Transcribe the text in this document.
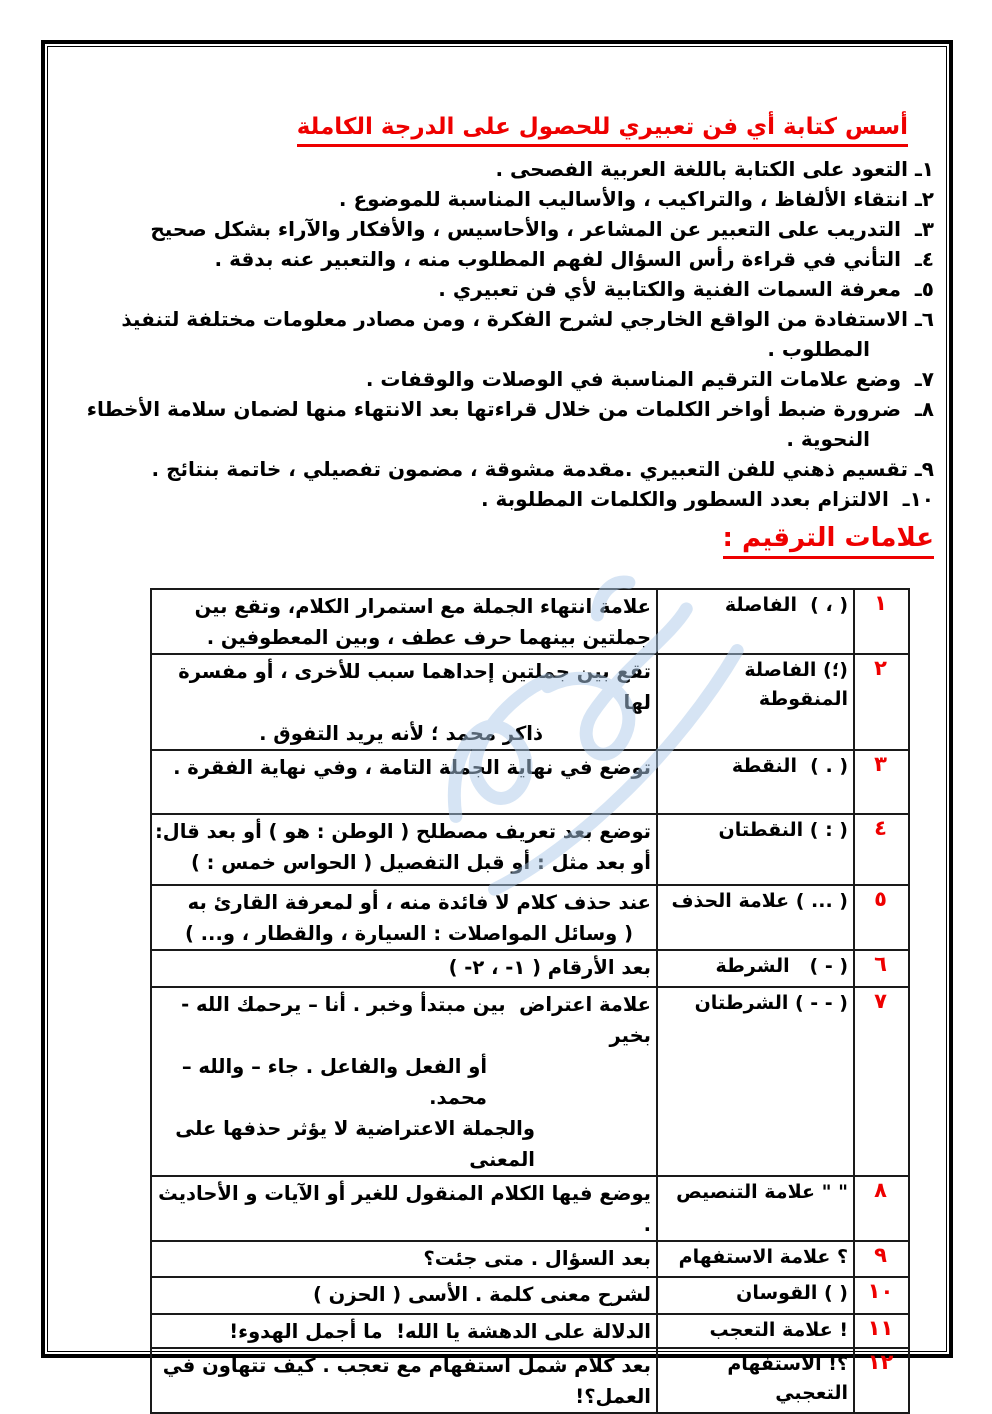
أسس كتابة أي فن تعبيري للحصول على الدرجة الكاملة
١ـ التعود على الكتابة باللغة العربية الفصحى .
٢ـ انتقاء الألفاظ ، والتراكيب ، والأساليب المناسبة للموضوع .
٣ـ  التدريب على التعبير عن المشاعر ، والأحاسيس ، والأفكار والآراء بشكل صحيح
٤ـ  التأني في قراءة رأس السؤال لفهم المطلوب منه ، والتعبير عنه بدقة .
٥ـ  معرفة السمات الفنية والكتابية لأي فن تعبيري .
٦ـ الاستفادة من الواقع الخارجي لشرح الفكرة ، ومن مصادر معلومات مختلفة لتنفيذ المطلوب .
٧ـ  وضع علامات الترقيم المناسبة في الوصلات والوقفات .
٨ـ  ضرورة ضبط أواخر الكلمات من خلال قراءتها بعد الانتهاء منها لضمان سلامة الأخطاء النحوية .
٩ـ تقسيم ذهني للفن التعبيري .مقدمة مشوقة ، مضمون تفصيلي ، خاتمة بنتائج .
١٠ـ  الالتزام بعدد السطور والكلمات المطلوبة .
علامات الترقيم :
١	( ، )  الفاصلة	علامة انتهاء الجملة مع استمرار الكلام، وتقع بين
جملتين بينهما حرف عطف ، وبين المعطوفين .

٢	(؛) الفاصلة المنقوطة	تقع بين جملتين إحداهما سبب للأخرى ، أو مفسرة لها
ذاكر محمد ؛ لأنه يريد التفوق .

٣	( . )  النقطة	توضع في نهاية الجملة التامة ، وفي نهاية الفقرة .

٤	( : ) النقطتان	توضع بعد تعريف مصطلح ( الوطن : هو ) أو بعد قال:
أو بعد مثل : أو قبل التفصيل ( الحواس خمس : )

٥	( ... ) علامة الحذف	عند حذف كلام لا فائدة منه ، أو لمعرفة القارئ به
( وسائل المواصلات : السيارة ، والقطار ، و... )

٦	( - )   الشرطة	بعد الأرقام ( ١- ، ٢- )

٧	( - - ) الشرطتان	علامة اعتراض  بين مبتدأ وخبر . أنا – يرحمك الله - بخير
أو الفعل والفاعل . جاء – والله – محمد.
والجملة الاعتراضية لا يؤثر حذفها على المعنى

٨	" " علامة التنصيص	يوضع فيها الكلام المنقول للغير أو الآيات و الأحاديث .

٩	؟ علامة الاستفهام	بعد السؤال . متى جئت؟

١٠	( ) القوسان	لشرح معنى كلمة . الأسى ( الحزن )

١١	! علامة التعجب	الدلالة على الدهشة يا الله!  ما أجمل الهدوء!

١٢	؟! الاستفهام التعجبي	بعد كلام شمل استفهام مع تعجب . كيف تتهاون في العمل؟!
